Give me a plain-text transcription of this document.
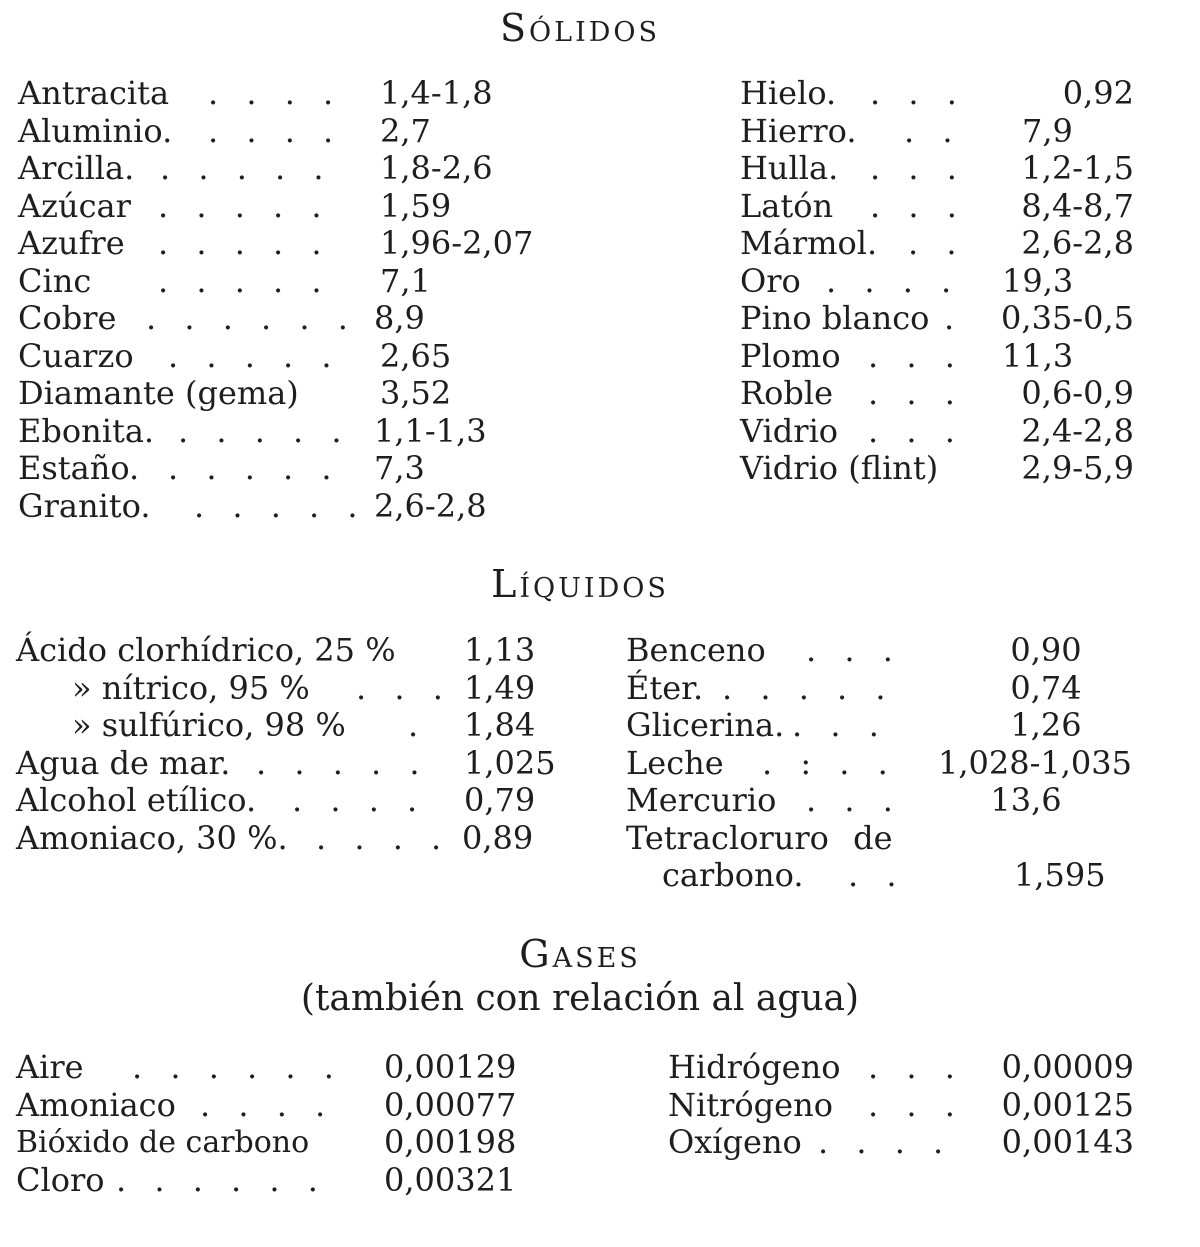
Sólidos
Antracita . . . . 1,4-1,8
Aluminio. . . . . 2,7
Arcilla. . . . . . 1,8-2,6
Azúcar . . . . . 1,59
Azufre . . . . . 1,96-2,07
Cinc . . . . . 7,1
Cobre . . . . . . 8,9
Cuarzo . . . . . 2,65
Diamante (gema)	3,52
Ebonita. . . . . . 1,1-1,3
Estaño. . . . . . 7,3
Granito. . . . . . 2,6-2,8
Hielo. . . .	0,92
Hierro. . . 7,9
Hulla. . . . 1,2-1,5
Latón . . . 8,4-8,7
Mármol. . . 2,6-2,8
Oro . . . . 19,3
Pino blanco . 0,35-0,5
Plomo . . . 11,3
Roble . . . 0,6-0,9
Vidrio . . . 2,4-2,8
Vidrio (flint)	2,9-5,9
Líquidos
Ácido clorhídrico, 25 % 1,13
» nítrico, 95 % . . . 1,49
» sulfúrico, 98 % . 1,84
Agua de mar. . . . . . 1,025
Alcohol etílico. . . . . 0,79
Amoniaco, 30 %. . . . . 0,89
Benceno . . .	0,90
Éter. . . . . .	0,74
Glicerina. . . .	1,26
Leche . : . . 1,028-1,035
Mercurio . . .	13,6
Tetracloruro de
carbono. . .	1,595
Gases
(también con relación al agua)
Aire . . . . . . 0,00129
Amoniaco . . . . 0,00077
Bióxido de carbono 0,00198
Cloro . . . . . . 0,00321
Hidrógeno . . . 0,00009
Nitrógeno . . . 0,00125
Oxígeno . . . . 0,00143
